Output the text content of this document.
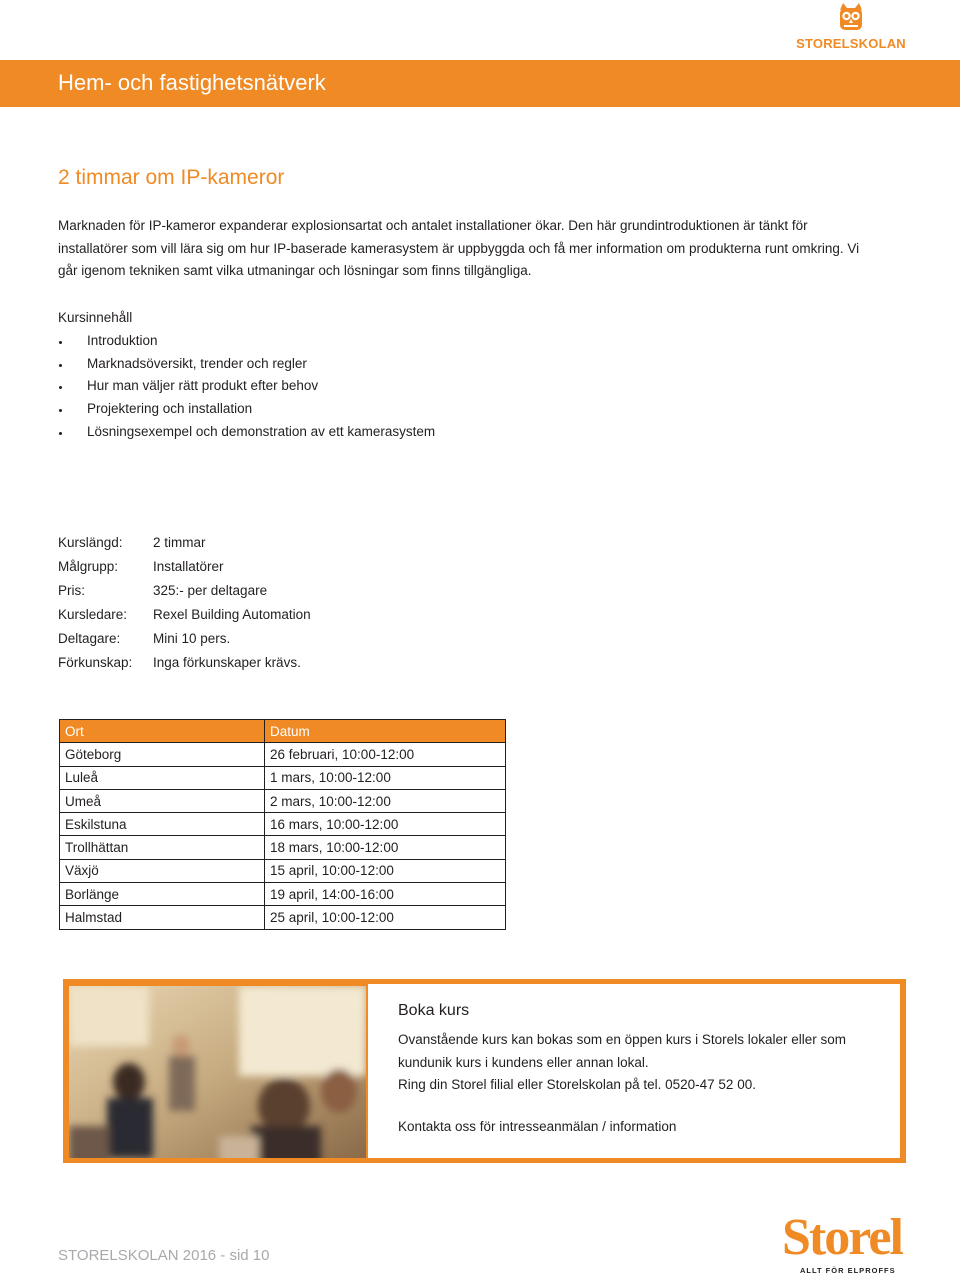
STORELSKOLAN
Hem- och fastighetsnätverk
2 timmar om IP-kameror

Marknaden för IP-kameror expanderar explosionsartat och antalet installationer ökar. Den här grundintroduktionen är tänkt för installatörer som vill lära sig om hur IP-baserade kamerasystem är uppbyggda och få mer information om produkterna runt omkring. Vi går igenom tekniken samt vilka utmaningar och lösningar som finns tillgängliga.

Kursinnehåll
Introduktion
Marknadsöversikt, trender och regler
Hur man väljer rätt produkt efter behov
Projektering och installation
Lösningsexempel och demonstration av ett kamerasystem
Kurslängd: 2 timmar
Målgrupp:	Installatörer
Pris:	325:- per deltagare
Kursledare: Rexel Building Automation
Deltagare: Mini 10 pers.
Förkunskap: Inga förkunskaper krävs.
Ort	Datum
Göteborg	26 februari, 10:00-12:00
Luleå	1 mars, 10:00-12:00
Umeå	2 mars, 10:00-12:00
Eskilstuna	16 mars, 10:00-12:00
Trollhättan	18 mars, 10:00-12:00
Växjö	15 april, 10:00-12:00
Borlänge	19 april, 14:00-16:00
Halmstad	25 april, 10:00-12:00
Boka kurs

Ovanstående kurs kan bokas som en öppen kurs i Storels lokaler eller som kundunik kurs i kundens eller annan lokal.

Ring din Storel filial eller Storelskolan på tel. 0520-47 52 00.
Kontakta oss för intresseanmälan / information
STORELSKOLAN 2016 - sid 10	Storel
ALLT FÖR ELPROFFS
